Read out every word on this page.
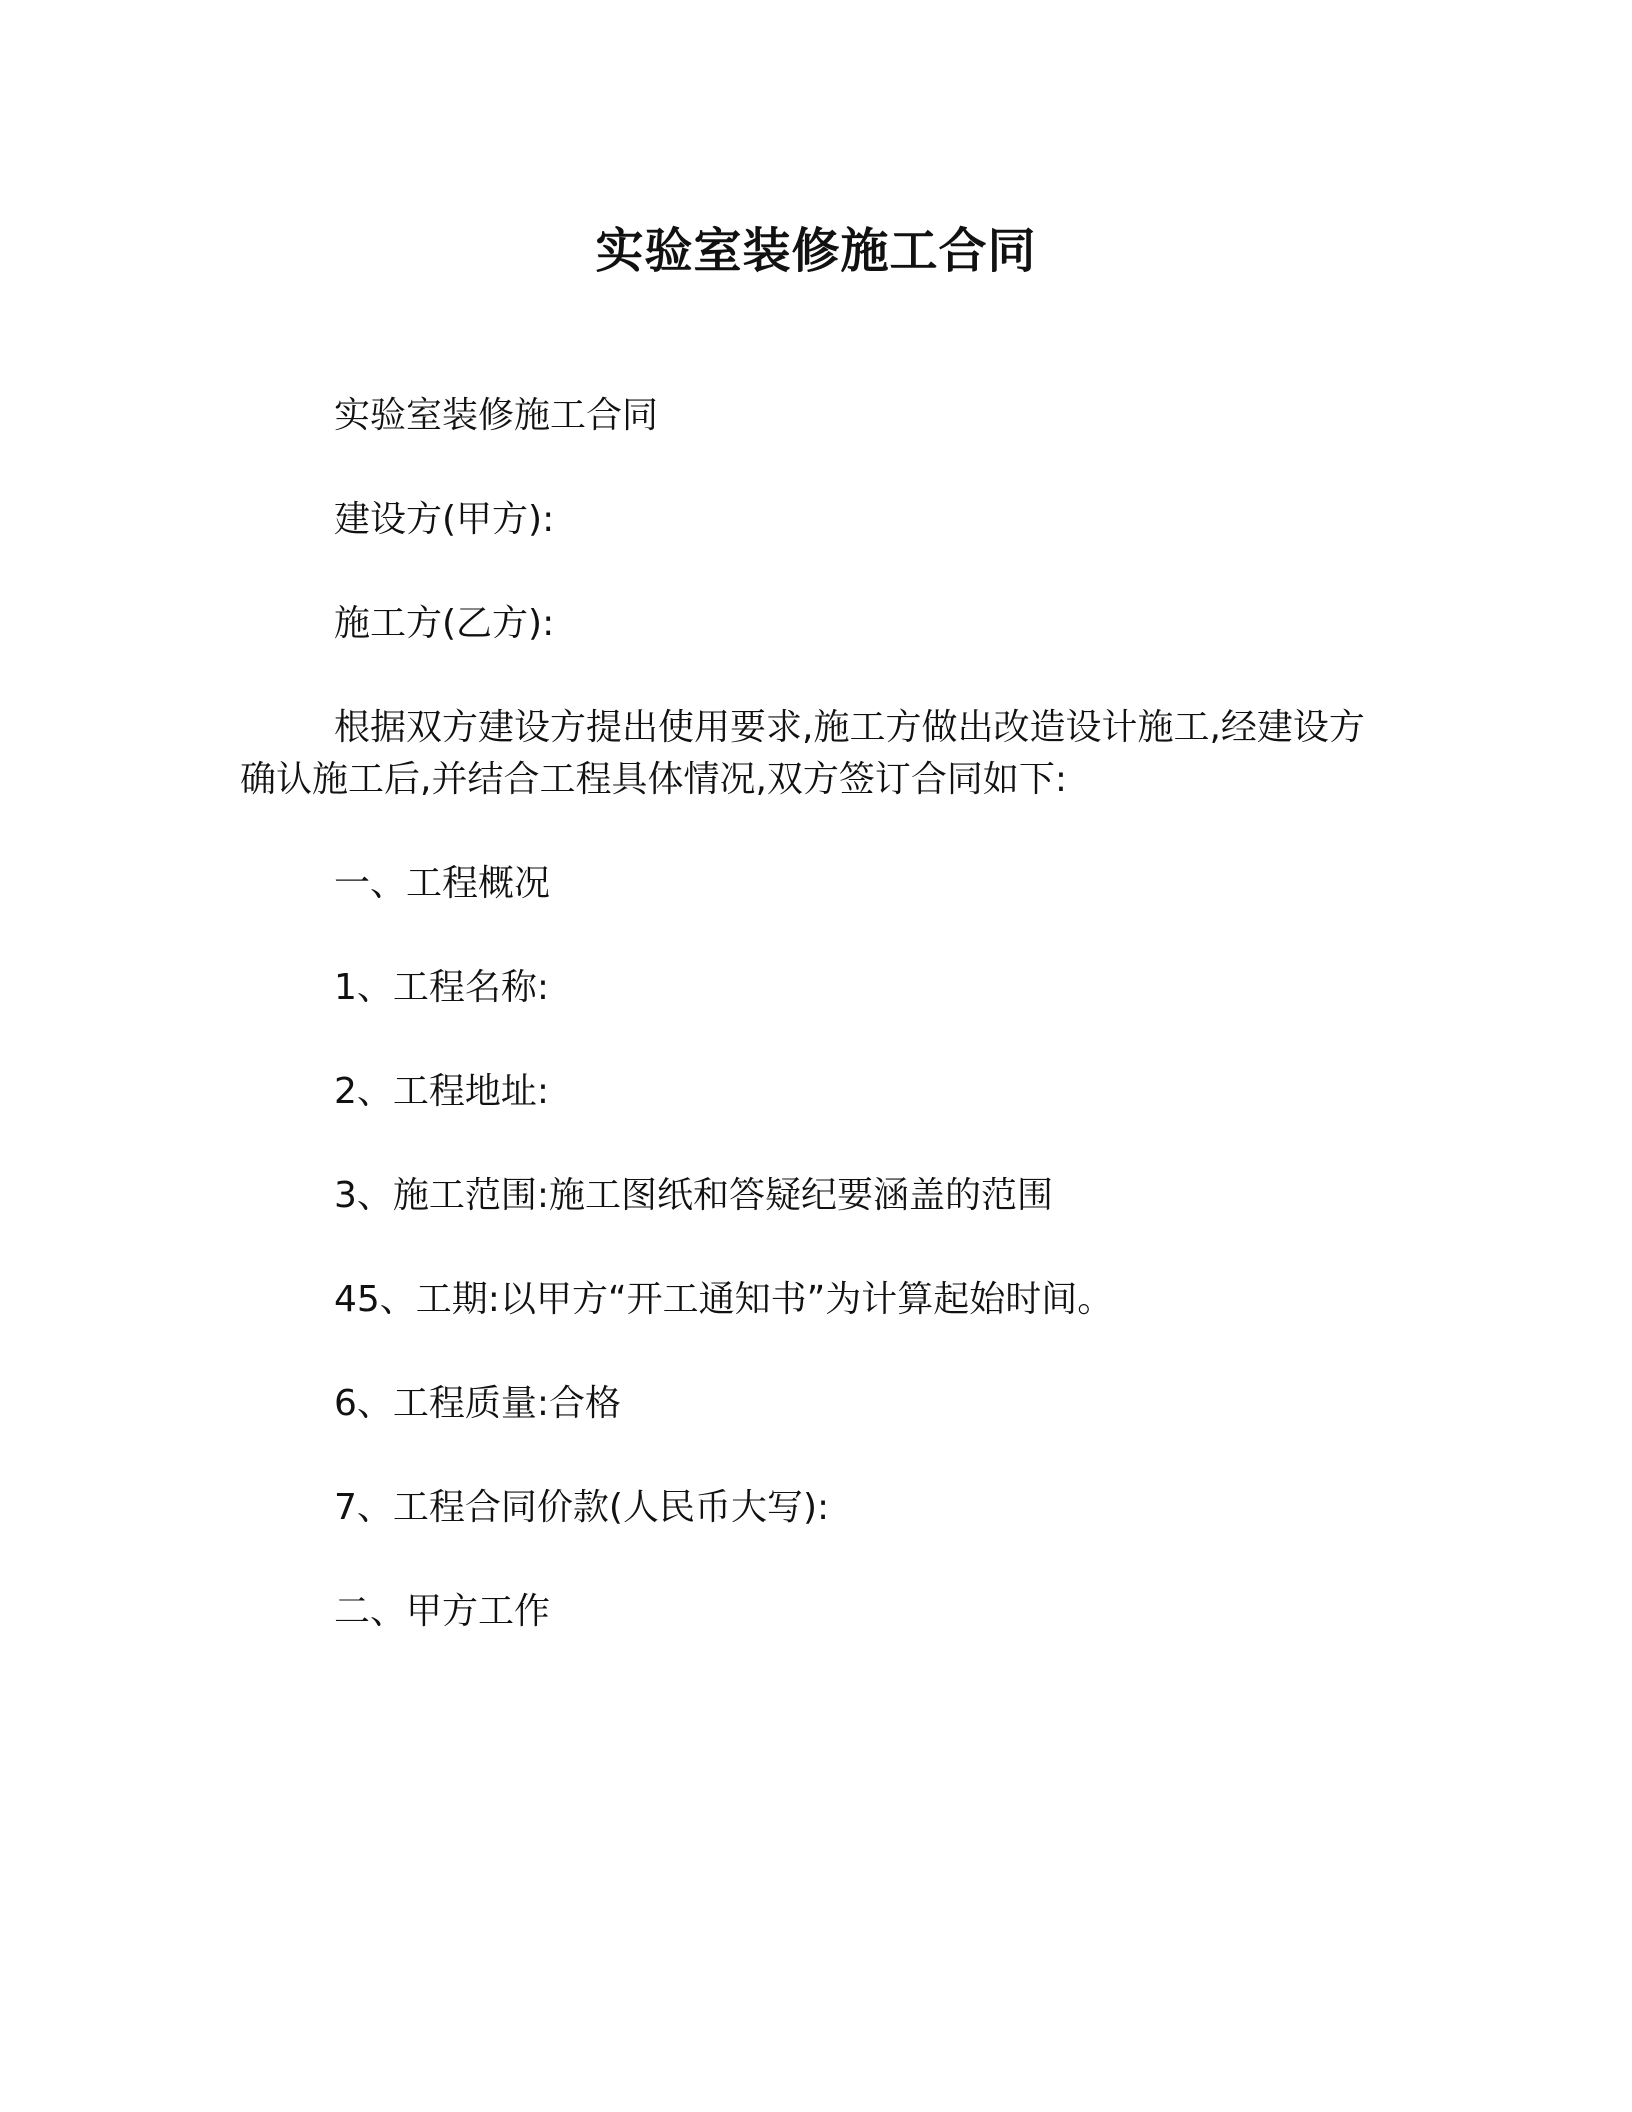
实验室装修施工合同

实验室装修施工合同

建设方(甲方):

施工方(乙方):

根据双方建设方提出使用要求,施工方做出改造设计施工,经建设方确认施工后,并结合工程具体情况,双方签订合同如下:

一、工程概况

1、工程名称:

2、工程地址:

3、施工范围:施工图纸和答疑纪要涵盖的范围

45、工期:以甲方“开工通知书”为计算起始时间。

6、工程质量:合格

7、工程合同价款(人民币大写):

二、甲方工作
